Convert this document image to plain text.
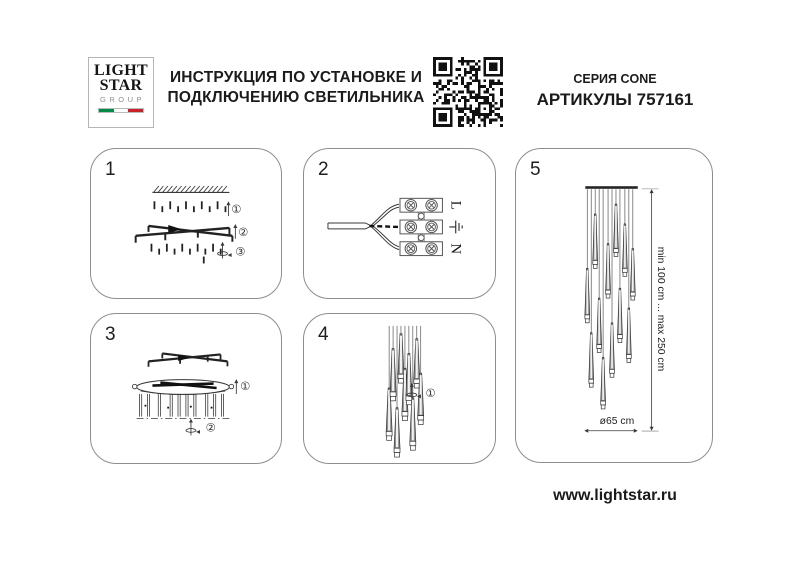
LIGHT
STAR
GROUP
ИНСТРУКЦИЯ ПО УСТАНОВКЕ И
ПОДКЛЮЧЕНИЮ СВЕТИЛЬНИКА
СЕРИЯ CONE
АРТИКУЛЫ 757161
1
①
②
③
2
L
N
3
①
②
4
①
5
min 100 cm ... max 250 cm
ø65 cm
www.lightstar.ru
